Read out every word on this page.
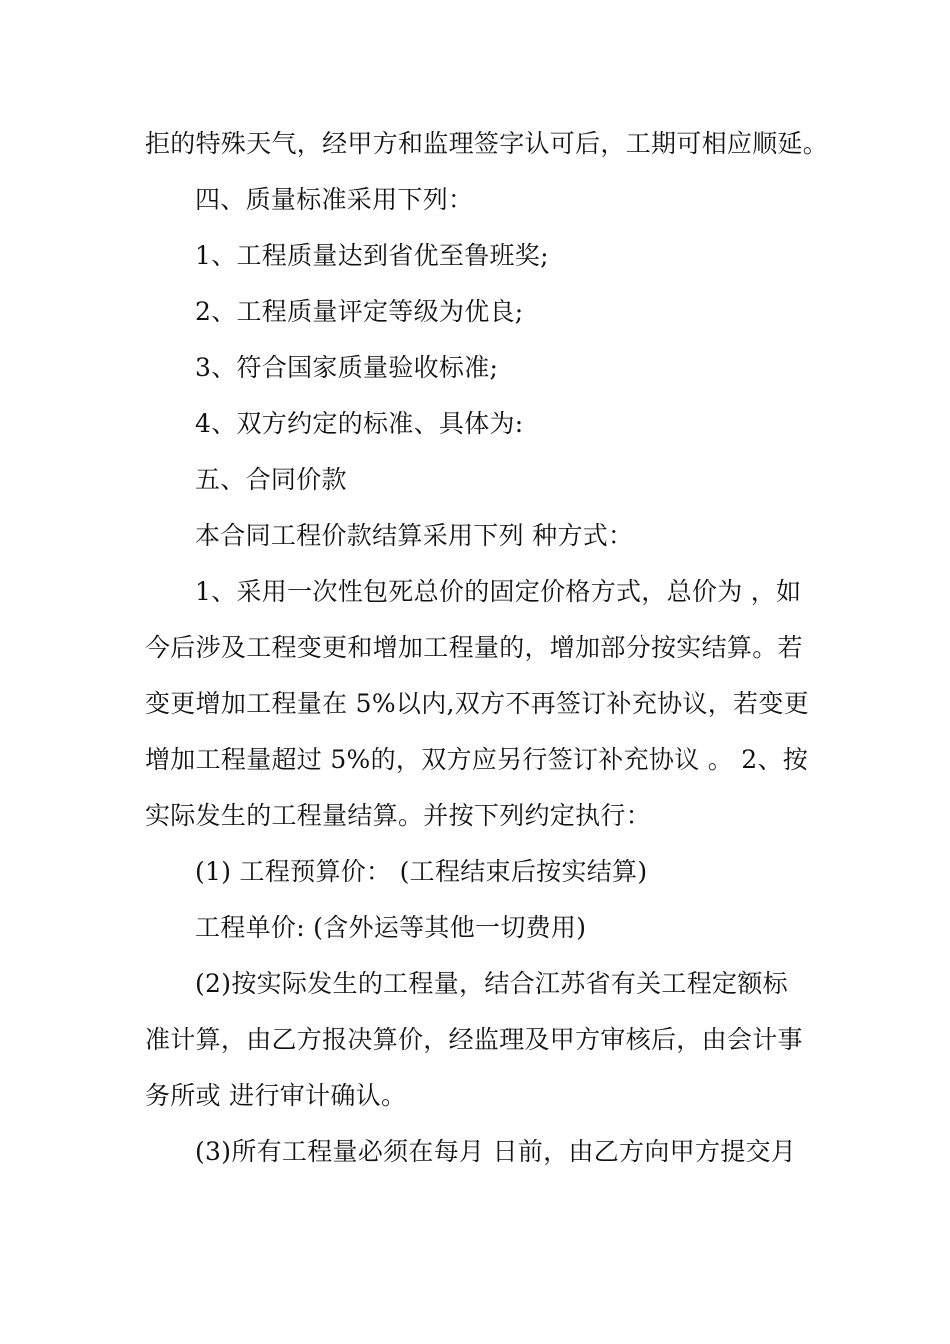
拒的特殊天气，经甲方和监理签字认可后，工期可相应顺延。
四、质量标准采用下列：
1、工程质量达到省优至鲁班奖;
2、工程质量评定等级为优良;
3、符合国家质量验收标准;
4、双方约定的标准、具体为:
五、合同价款
本合同工程价款结算采用下列 种方式：
1、采用一次性包死总价的固定价格方式，总价为 ，如
今后涉及工程变更和增加工程量的，增加部分按实结算。若
变更增加工程量在 5%以内,双方不再签订补充协议，若变更
增加工程量超过 5%的，双方应另行签订补充协议 。 2、按
实际发生的工程量结算。并按下列约定执行：
(1) 工程预算价： (工程结束后按实结算)
工程单价: (含外运等其他一切费用)
(2)按实际发生的工程量，结合江苏省有关工程定额标
准计算，由乙方报决算价，经监理及甲方审核后，由会计事
务所或 进行审计确认。
(3)所有工程量必须在每月 日前，由乙方向甲方提交月
